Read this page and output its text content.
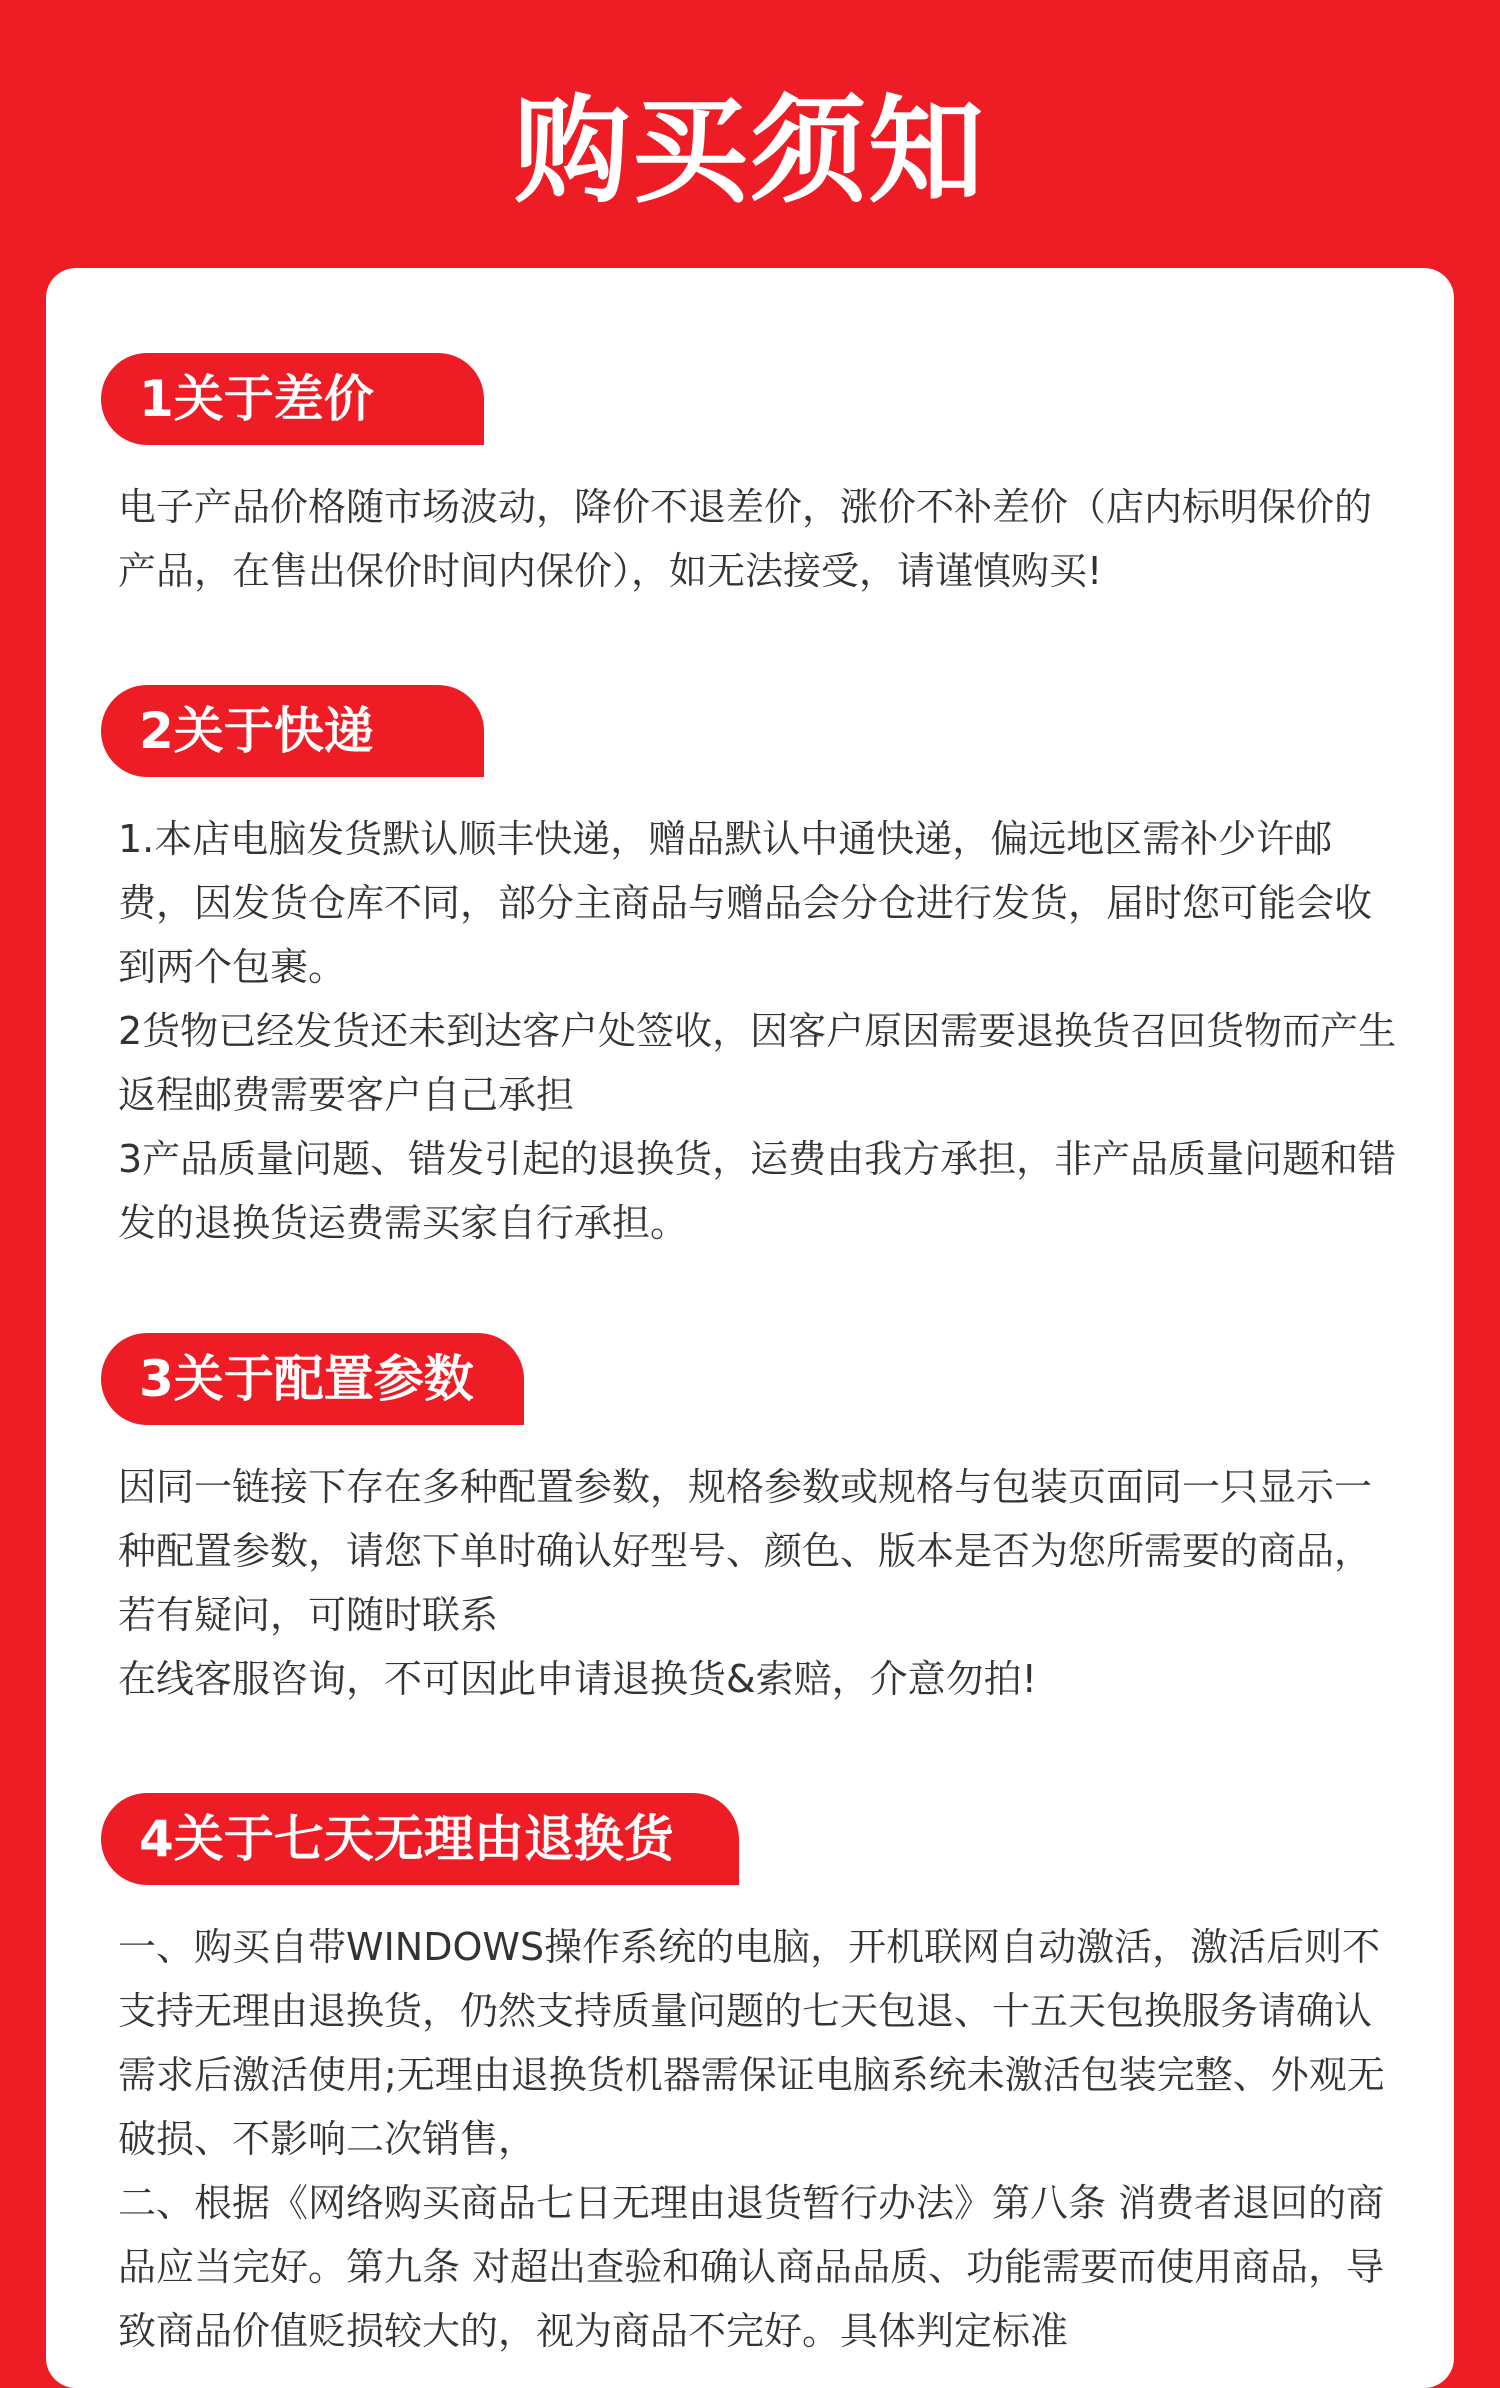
购买须知
1关于差价

电子产品价格随市场波动，降价不退差价，涨价不补差价（店内标明保价的产品，在售出保价时间内保价），如无法接受，请谨慎购买!

2关于快递

1.本店电脑发货默认顺丰快递，赠品默认中通快递，偏远地区需补少许邮费，因发货仓库不同，部分主商品与赠品会分仓进行发货，届时您可能会收到两个包裹。

2货物已经发货还未到达客户处签收，因客户原因需要退换货召回货物而产生返程邮费需要客户自己承担

3产品质量问题、错发引起的退换货，运费由我方承担，非产品质量问题和错发的退换货运费需买家自行承担。

3关于配置参数

因同一链接下存在多种配置参数，规格参数或规格与包装页面同一只显示一种配置参数，请您下单时确认好型号、颜色、版本是否为您所需要的商品，若有疑问，可随时联系

在线客服咨询，不可因此申请退换货&索赔，介意勿拍!

4关于七天无理由退换货

一、购买自带WINDOWS操作系统的电脑，开机联网自动激活，激活后则不支持无理由退换货，仍然支持质量问题的七天包退、十五天包换服务请确认需求后激活使用;无理由退换货机器需保证电脑系统未激活包装完整、外观无破损、不影响二次销售，

二、根据《网络购买商品七日无理由退货暂行办法》第八条 消费者退回的商品应当完好。第九条 对超出查验和确认商品品质、功能需要而使用商品，导致商品价值贬损较大的，视为商品不完好。具体判定标准
